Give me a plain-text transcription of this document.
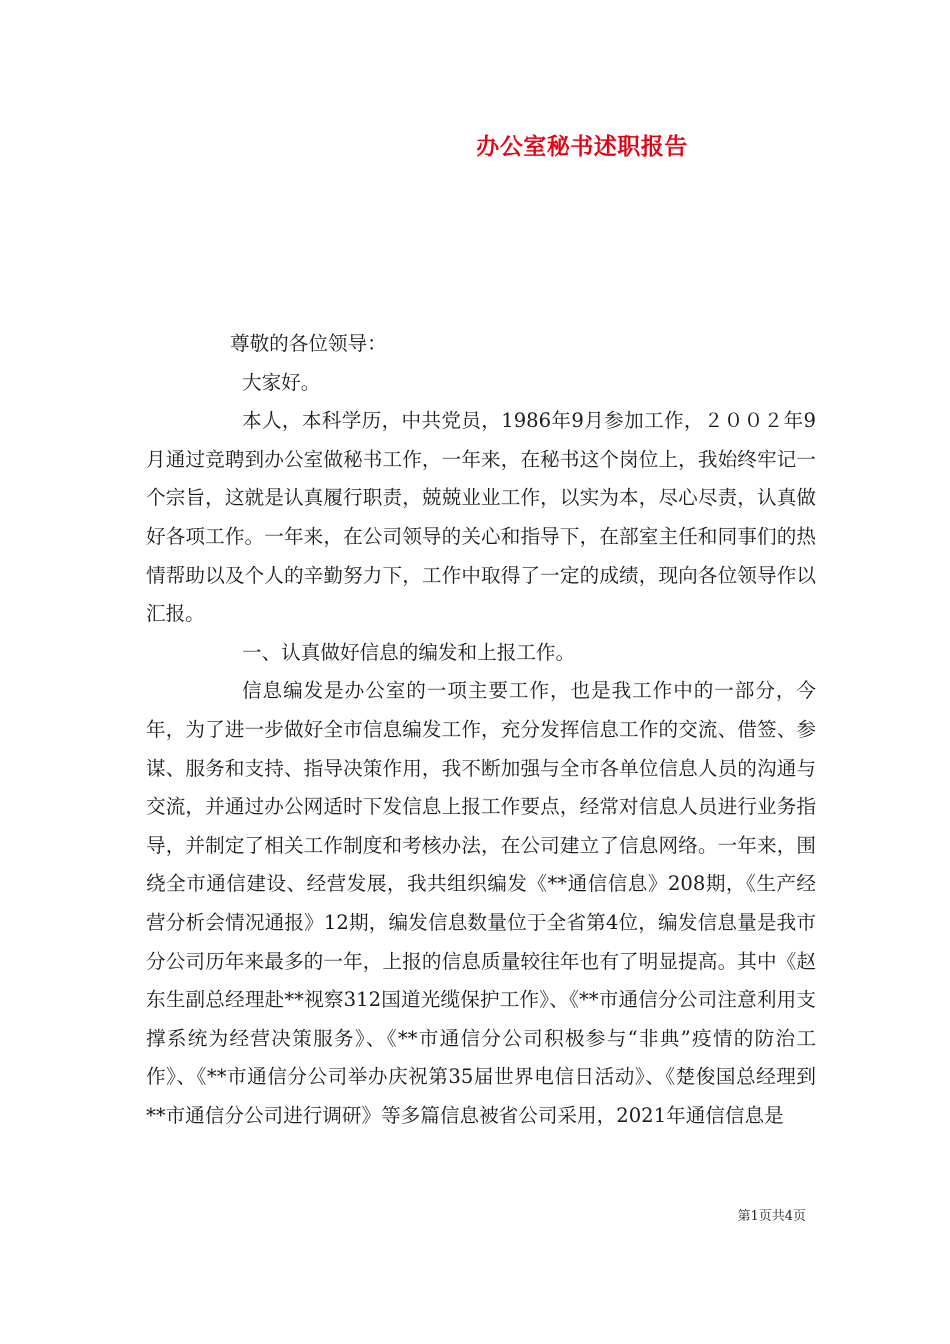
办公室秘书述职报告

尊敬的各位领导：

大家好。

本人，本科学历，中共党员，1986年9月参加工作，２００２年9月通过竞聘到办公室做秘书工作，一年来，在秘书这个岗位上，我始终牢记一个宗旨，这就是认真履行职责，兢兢业业工作，以实为本，尽心尽责，认真做好各项工作。一年来，在公司领导的关心和指导下，在部室主任和同事们的热情帮助以及个人的辛勤努力下，工作中取得了一定的成绩，现向各位领导作以汇报。

一、认真做好信息的编发和上报工作。

信息编发是办公室的一项主要工作，也是我工作中的一部分，今年，为了进一步做好全市信息编发工作，充分发挥信息工作的交流、借签、参谋、服务和支持、指导决策作用，我不断加强与全市各单位信息人员的沟通与交流，并通过办公网适时下发信息上报工作要点，经常对信息人员进行业务指导，并制定了相关工作制度和考核办法，在公司建立了信息网络。一年来，围绕全市通信建设、经营发展，我共组织编发《**通信信息》208期，《生产经营分析会情况通报》12期，编发信息数量位于全省第4位，编发信息量是我市分公司历年来最多的一年，上报的信息质量较往年也有了明显提高。其中《赵东生副总经理赴**视察312国道光缆保护工作》、《**市通信分公司注意利用支撑系统为经营决策服务》、《**市通信分公司积极参与“非典”疫情的防治工作》、《**市通信分公司举办庆祝第35届世界电信日活动》、《楚俊国总经理到**市通信分公司进行调研》等多篇信息被省公司采用，2021年通信信息是

第1页共4页
